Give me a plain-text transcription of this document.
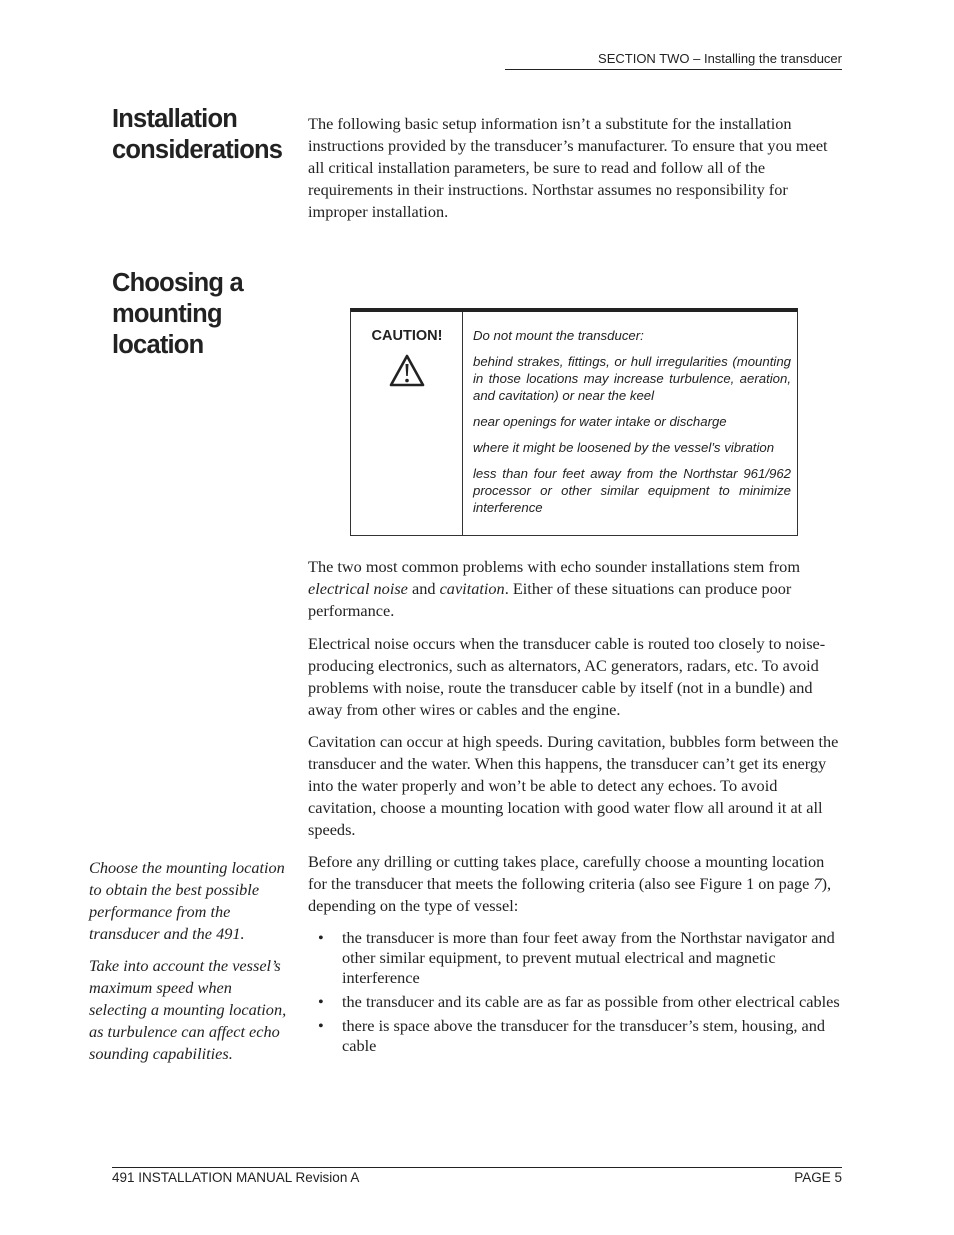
SECTION TWO – Installing the transducer
Installation
considerations

The following basic setup information isn’t a substitute for the installation instructions provided by the transducer’s manufacturer. To ensure that you meet all critical installation parameters, be sure to read and follow all of the requirements in their instructions. Northstar assumes no responsibility for improper installation.

Choosing a
mounting
location	CAUTION!	Do not mount the transducer:

behind strakes, fittings, or hull irregularities (mounting in those locations may increase turbulence, aeration, and cavitation) or near the keel

near openings for water intake or discharge

where it might be loosened by the vessel’s vibration

less than four feet away from the Northstar 961/962 processor or other similar equipment to minimize interference

The two most common problems with echo sounder installations stem from electrical noise and cavitation. Either of these situations can produce poor performance.

Electrical noise occurs when the transducer cable is routed too closely to noise-producing electronics, such as alternators, AC generators, radars, etc. To avoid problems with noise, route the transducer cable by itself (not in a bundle) and away from other wires or cables and the engine.

Cavitation can occur at high speeds. During cavitation, bubbles form between the transducer and the water. When this happens, the transducer can’t get its energy into the water properly and won’t be able to detect any echoes. To avoid cavitation, choose a mounting location with good water flow all around it at all speeds.

Before any drilling or cutting takes place, carefully choose a mounting location for the transducer that meets the following criteria (also see Figure 1 on page 7), depending on the type of vessel:

• the transducer is more than four feet away from the Northstar navigator and other similar equipment, to prevent mutual electrical and magnetic interference
• the transducer and its cable are as far as possible from other electrical cables
• there is space above the transducer for the transducer’s stem, housing, and cable

Choose the mounting location to obtain the best possible performance from the transducer and the 491.

Take into account the vessel’s maximum speed when selecting a mounting location, as turbulence can affect echo sounding capabilities.

491 INSTALLATION MANUAL Revision A	PAGE 5
